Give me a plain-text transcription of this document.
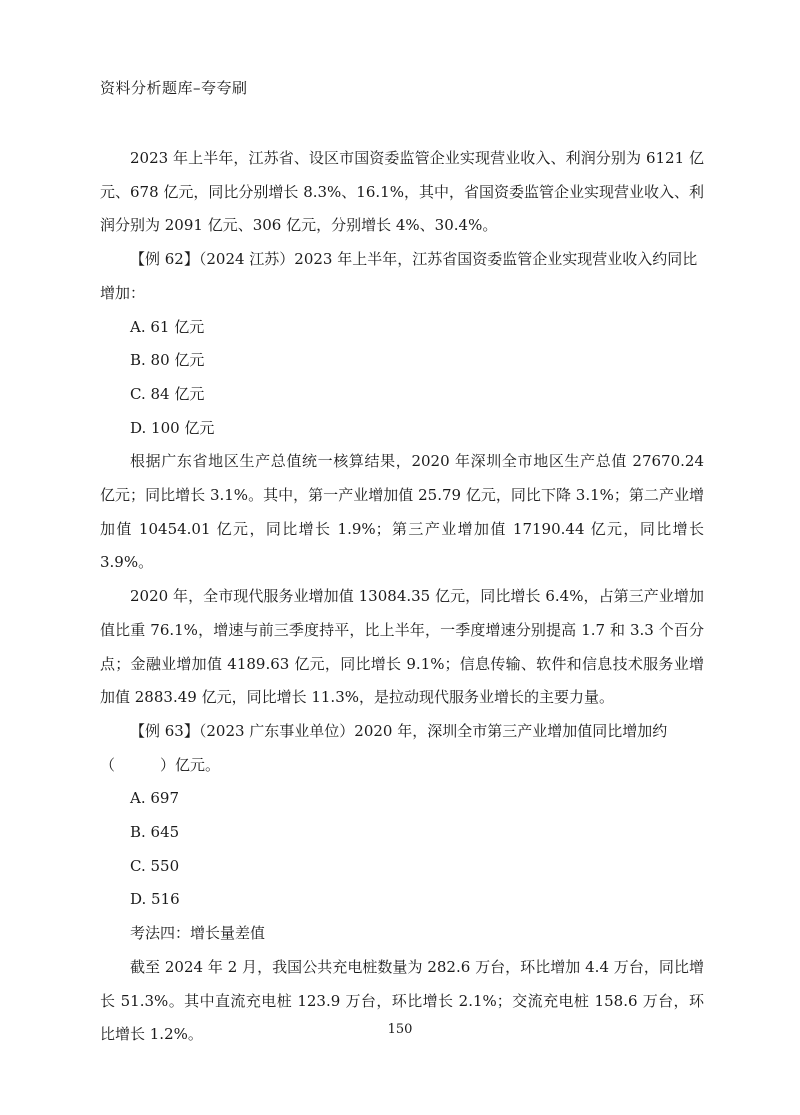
资料分析题库–夸夸刷

2023 年上半年，江苏省、设区市国资委监管企业实现营业收入、利润分别为 6121 亿元、678 亿元，同比分别增长 8.3%、16.1%，其中，省国资委监管企业实现营业收入、利润分别为 2091 亿元、306 亿元，分别增长 4%、30.4%。

【例 62】（2024 江苏）2023 年上半年，江苏省国资委监管企业实现营业收入约同比增加：

A. 61 亿元

B. 80 亿元

C. 84 亿元

D. 100 亿元

根据广东省地区生产总值统一核算结果，2020 年深圳全市地区生产总值 27670.24 亿元；同比增长 3.1%。其中，第一产业增加值 25.79 亿元，同比下降 3.1%；第二产业增加值 10454.01 亿元，同比增长 1.9%；第三产业增加值 17190.44 亿元，同比增长 3.9%。

2020 年，全市现代服务业增加值 13084.35 亿元，同比增长 6.4%，占第三产业增加值比重 76.1%，增速与前三季度持平，比上半年，一季度增速分别提高 1.7 和 3.3 个百分点；金融业增加值 4189.63 亿元，同比增长 9.1%；信息传输、软件和信息技术服务业增加值 2883.49 亿元，同比增长 11.3%，是拉动现代服务业增长的主要力量。

【例 63】（2023 广东事业单位）2020 年，深圳全市第三产业增加值同比增加约（　　　）亿元。

A. 697

B. 645

C. 550

D. 516

考法四：增长量差值

截至 2024 年 2 月，我国公共充电桩数量为 282.6 万台，环比增加 4.4 万台，同比增长 51.3%。其中直流充电桩 123.9 万台，环比增长 2.1%；交流充电桩 158.6 万台，环比增长 1.2%。	150
